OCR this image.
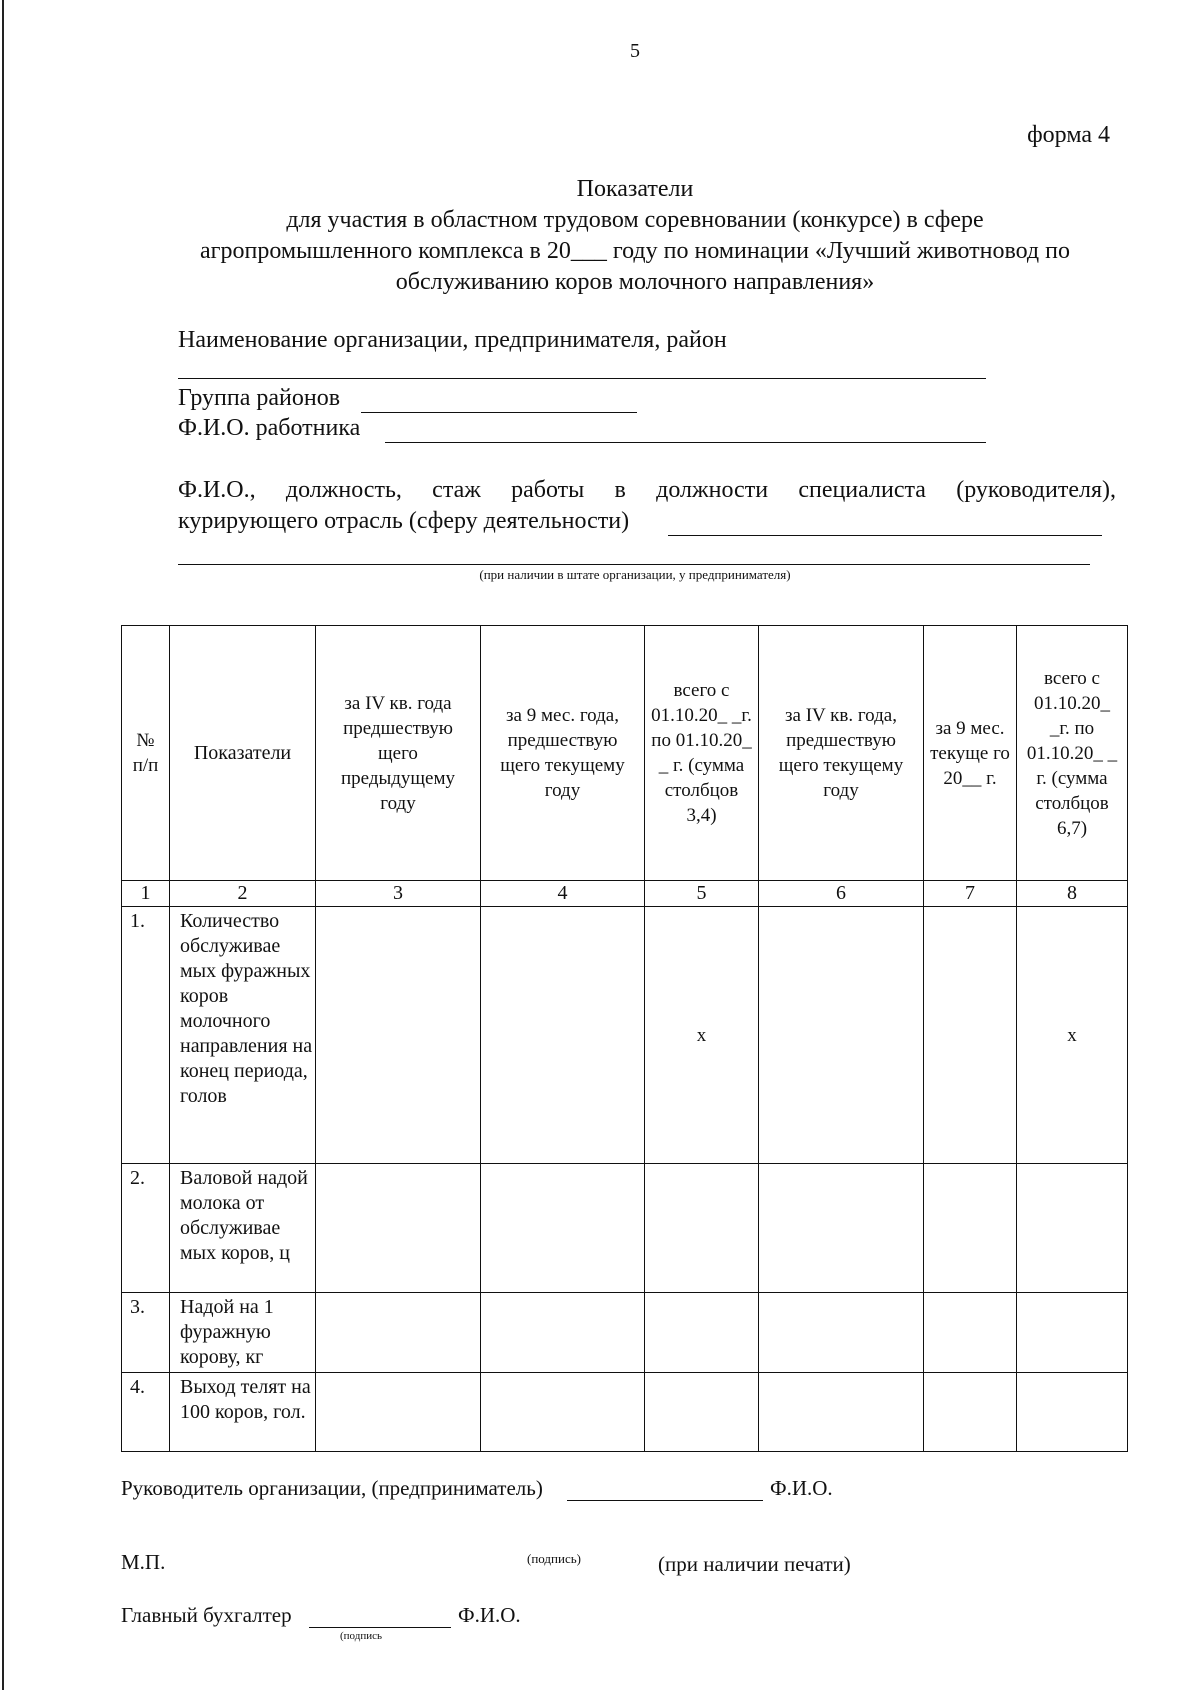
5
форма 4
Показатели
для участия в областном трудовом соревновании (конкурсе) в сфере
агропромышленного комплекса в 20___ году по номинации «Лучший животновод по
обслуживанию коров молочного направления»
Наименование организации, предпринимателя, район
Группа районов
Ф.И.О. работника
Ф.И.О., должность, стаж работы в должности специалиста (руководителя),
курирующего отрасль (сферу деятельности)
(при наличии в штате организации, у предпринимателя)
№ п/п	Показатели	за IV кв. года предшествую щего предыдущему году	за 9 мес. года, предшествую щего текущему году	всего с 01.10.20_ _г. по 01.10.20_ _ г. (сумма столбцов 3,4)	за IV кв. года, предшествую щего текущему году	за 9 мес. текуще го 20__ г.	всего с 01.10.20_ _г. по 01.10.20_ _ г. (сумма столбцов 6,7)
1	2	3	4	5	6	7	8
1.	Количество обслуживае мых фуражных коров молочного направления на конец периода, голов			x			x
2.	Валовой надой молока от обслуживае мых коров, ц						
3.	Надой на 1 фуражную корову, кг						
4.	Выход телят на 100 коров, гол.						
Руководитель организации, (предприниматель)	Ф.И.О.
М.П.	(подпись)	(при наличии печати)
Главный бухгалтер	Ф.И.О.
(подпись
